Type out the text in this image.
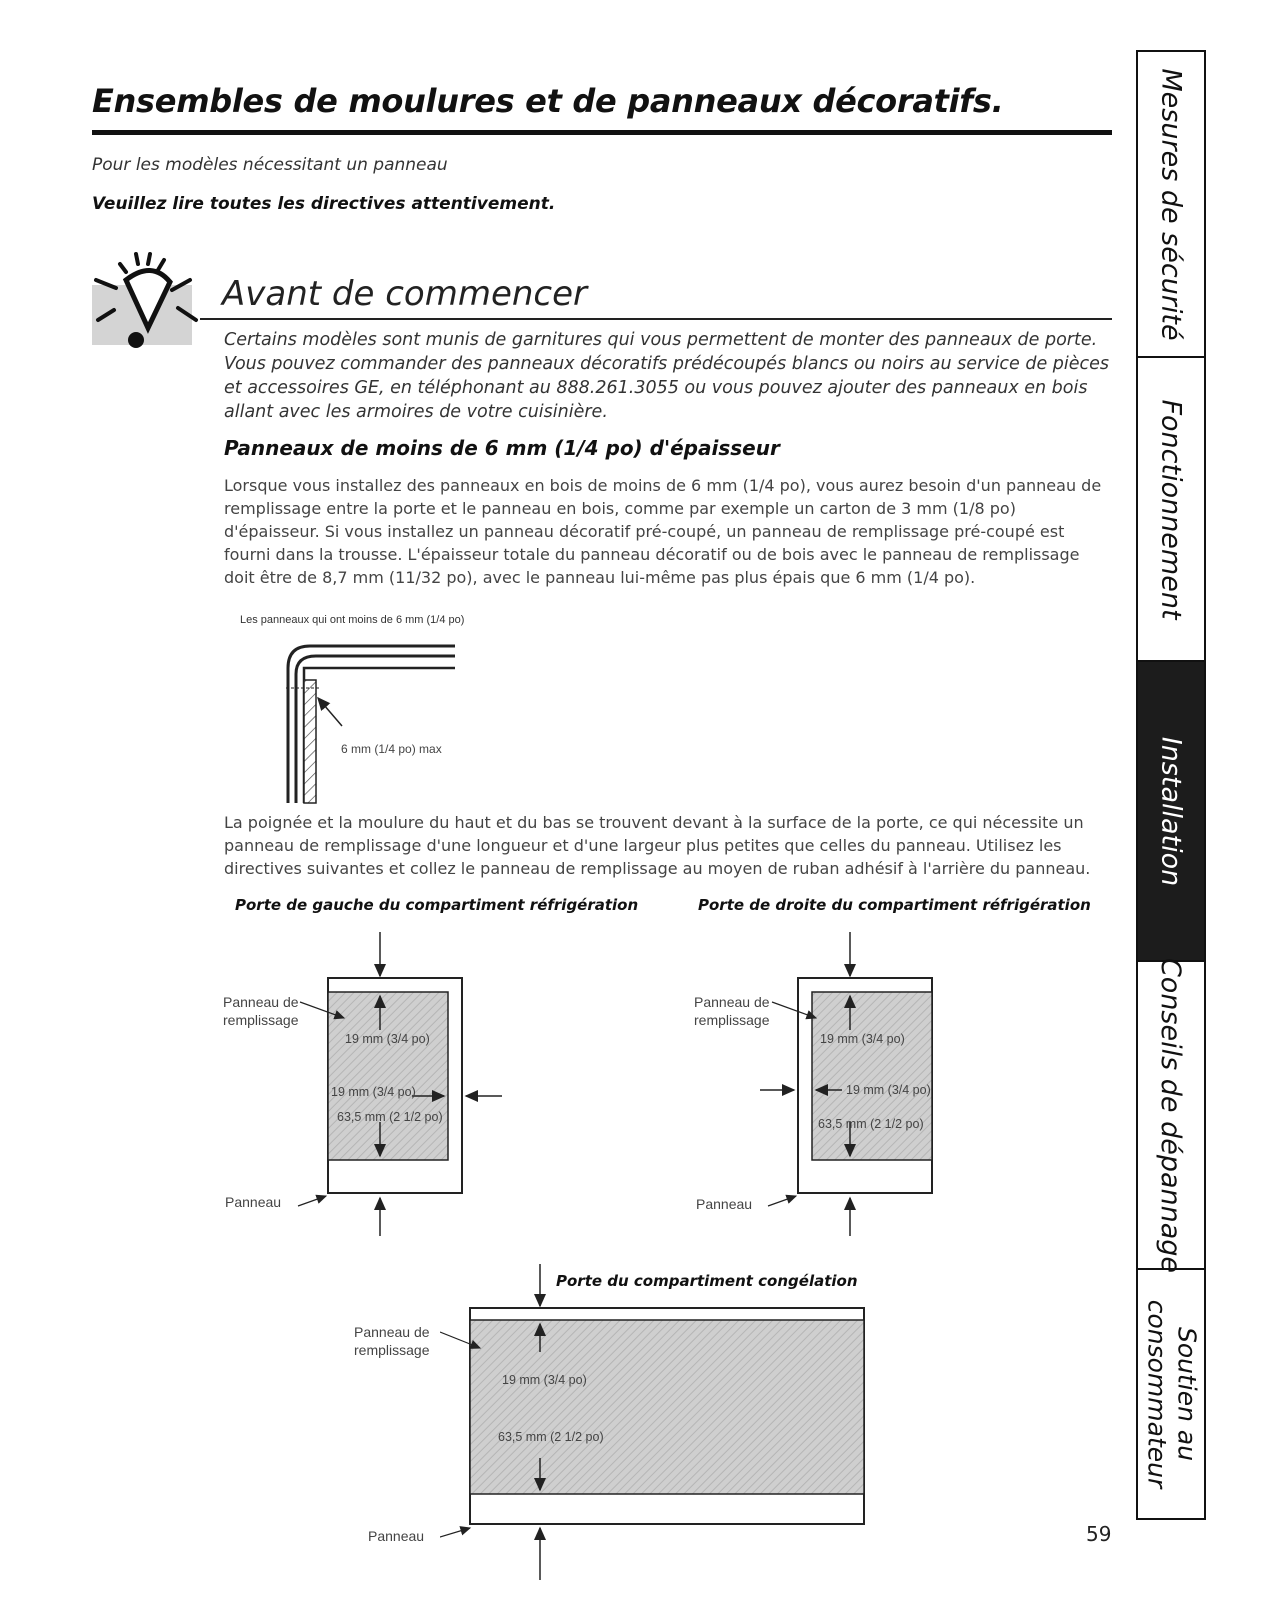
Ensembles de moulures et de panneaux décoratifs.
Pour les modèles nécessitant un panneau
Veuillez lire toutes les directives attentivement.
Avant de commencer
Certains modèles sont munis de garnitures qui vous permettent de monter des panneaux de porte. Vous pouvez commander des panneaux décoratifs prédécoupés blancs ou noirs au service de pièces et accessoires GE, en téléphonant au 888.261.3055 ou vous pouvez ajouter des panneaux en bois allant avec les armoires de votre cuisinière.
Panneaux de moins de 6 mm (1/4 po) d'épaisseur
Lorsque vous installez des panneaux en bois de moins de 6 mm (1/4 po), vous aurez besoin d'un panneau de remplissage entre la porte et le panneau en bois, comme par exemple un carton de 3 mm (1/8 po) d'épaisseur. Si vous installez un panneau décoratif pré-coupé, un panneau de remplissage pré-coupé est fourni dans la trousse. L'épaisseur totale du panneau décoratif ou de bois avec le panneau de remplissage doit être de 8,7 mm (11/32 po), avec le panneau lui-même pas plus épais que 6 mm (1/4 po).
Les panneaux qui ont moins de 6 mm (1/4 po)
6 mm (1/4 po) max
La poignée et la moulure du haut et du bas se trouvent devant à la surface de la porte, ce qui nécessite un panneau de remplissage d'une longueur et d'une largeur plus petites que celles du panneau. Utilisez les directives suivantes et collez le panneau de remplissage au moyen de ruban adhésif à l'arrière du panneau.
Porte de gauche du compartiment réfrigération	Porte de droite du compartiment réfrigération
Panneau de
remplissage
Panneau
19 mm (3/4 po)
19 mm (3/4 po)
63,5 mm (2 1/2 po)
Panneau de
remplissage
Panneau
19 mm (3/4 po)
19 mm (3/4 po)
63,5 mm (2 1/2 po)
Porte du compartiment congélation
Panneau de
remplissage
Panneau
19 mm (3/4 po)
63,5 mm (2 1/2 po)
59
Mesures de sécurité
Fonctionnement
Installation
Conseils de dépannage
Soutien au consommateur
